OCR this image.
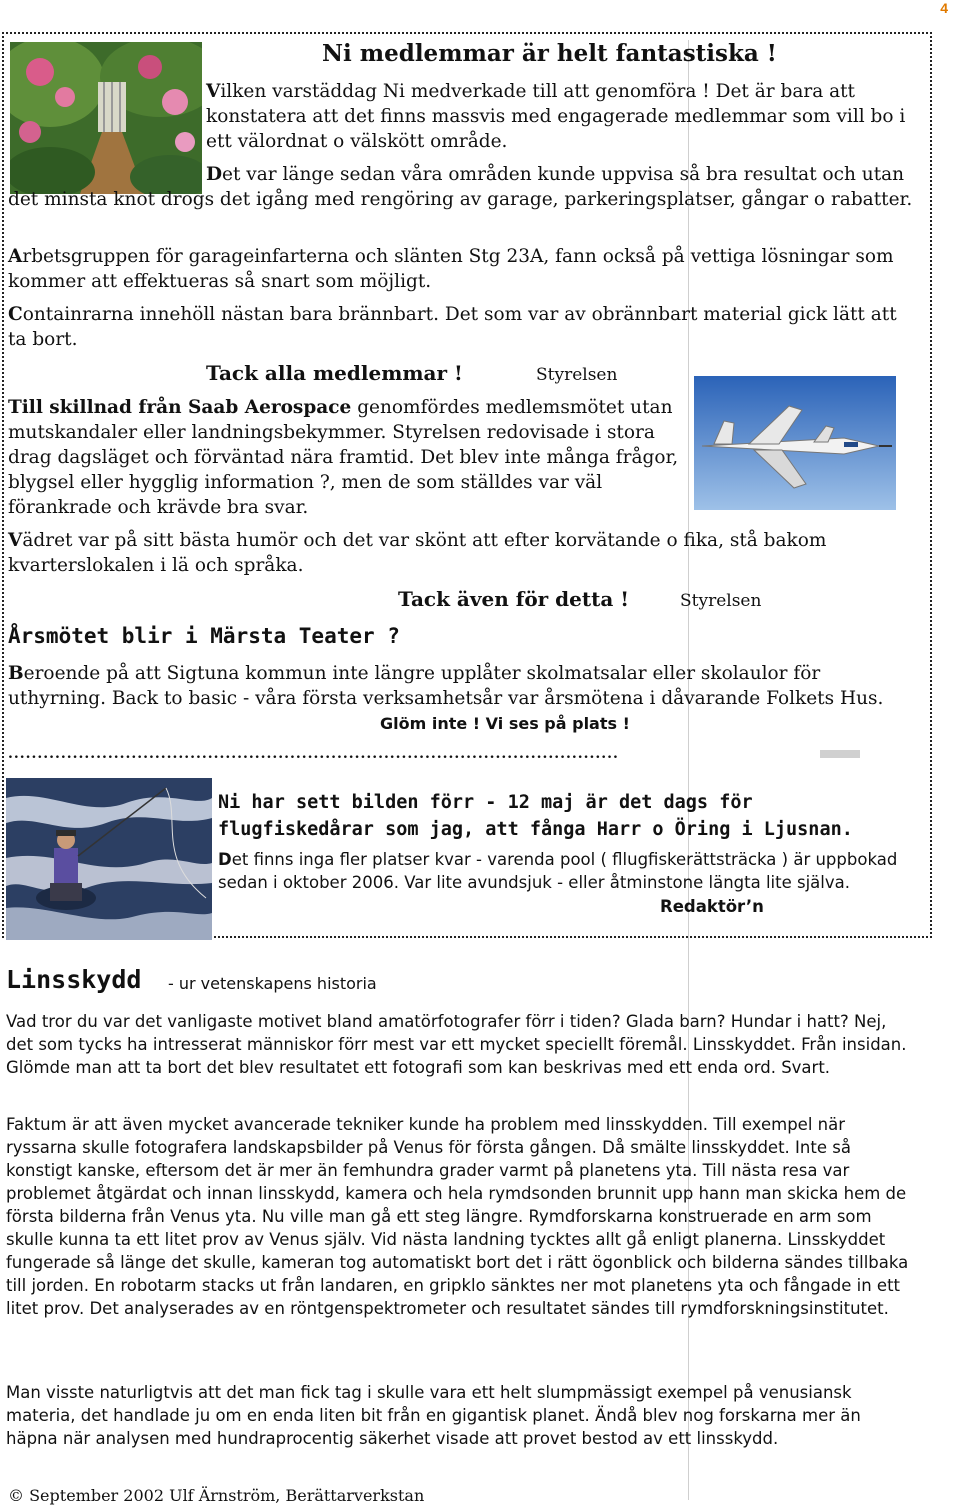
4
Ni medlemmar är helt fantastiska !
Vilken varstäddag Ni medverkade till att genomföra ! Det är bara att konstatera att det finns massvis med engagerade medlemmar som vill bo i ett välordnat o välskött område.
Det var länge sedan våra områden kunde uppvisa så bra resultat och utan det minsta knot drogs det igång med rengöring av garage, parkeringsplatser, gångar o rabatter.
Arbetsgruppen för garageinfarterna och slänten Stg 23A, fann också på vettiga lösningar som kommer att effektueras så snart som möjligt.
Containrarna innehöll nästan bara brännbart. Det som var av obrännbart material gick lätt att ta bort.
Tack alla medlemmar !	Styrelsen
Till skillnad från Saab Aerospace genomfördes medlemsmötet utan mutskandaler eller landningsbekymmer. Styrelsen redovisade i stora drag dagsläget och förväntad nära framtid. Det blev inte många frågor, blygsel eller hygglig information ?, men de som ställdes var väl förankrade och krävde bra svar.
Vädret var på sitt bästa humör och det var skönt att efter korvätande o fika, stå bakom kvarterslokalen i lä och språka.
Tack även för detta !	Styrelsen
Årsmötet blir i Märsta Teater ?
Beroende på att Sigtuna kommun inte längre upplåter skolmatsalar eller skolaulor för uthyrning. Back to basic - våra första verksamhetsår var årsmötena i dåvarande Folkets Hus.
Glöm inte ! Vi ses på plats !
........................................................................................................
Ni har sett bilden förr - 12 maj är det dags för flugfiskedårar som jag, att fånga Harr o Öring i Ljusnan.
Det finns inga fler platser kvar - varenda pool ( fllugfiskerättsträcka ) är uppbokad sedan i oktober 2006. Var lite avundsjuk - eller åtminstone längta lite själva.
Redaktör’n
Linsskydd - ur vetenskapens historia
Vad tror du var det vanligaste motivet bland amatörfotografer förr i tiden? Glada barn? Hundar i hatt? Nej, det som tycks ha intresserat människor förr mest var ett mycket speciellt föremål. Linsskyddet. Från insidan. Glömde man att ta bort det blev resultatet ett fotografi som kan beskrivas med ett enda ord. Svart.
Faktum är att även mycket avancerade tekniker kunde ha problem med linsskydden. Till exempel när ryssarna skulle fotografera landskapsbilder på Venus för första gången. Då smälte linsskyddet. Inte så konstigt kanske, eftersom det är mer än femhundra grader varmt på planetens yta. Till nästa resa var problemet åtgärdat och innan linsskydd, kamera och hela rymdsonden brunnit upp hann man skicka hem de första bilderna från Venus yta. Nu ville man gå ett steg längre. Rymdforskarna konstruerade en arm som skulle kunna ta ett litet prov av Venus själv. Vid nästa landning tycktes allt gå enligt planerna. Linsskyddet fungerade så länge det skulle, kameran tog automatiskt bort det i rätt ögonblick och bilderna sändes tillbaka till jorden. En robotarm stacks ut från landaren, en gripklo sänktes ner mot planetens yta och fångade in ett litet prov. Det analyserades av en röntgenspektrometer och resultatet sändes till rymdforskningsinstitutet.
Man visste naturligtvis att det man fick tag i skulle vara ett helt slumpmässigt exempel på venusiansk materia, det handlade ju om en enda liten bit från en gigantisk planet. Ändå blev nog forskarna mer än häpna när analysen med hundraprocentig säkerhet visade att provet bestod av ett linsskydd.
© September 2002 Ulf Ärnström, Berättarverkstan
